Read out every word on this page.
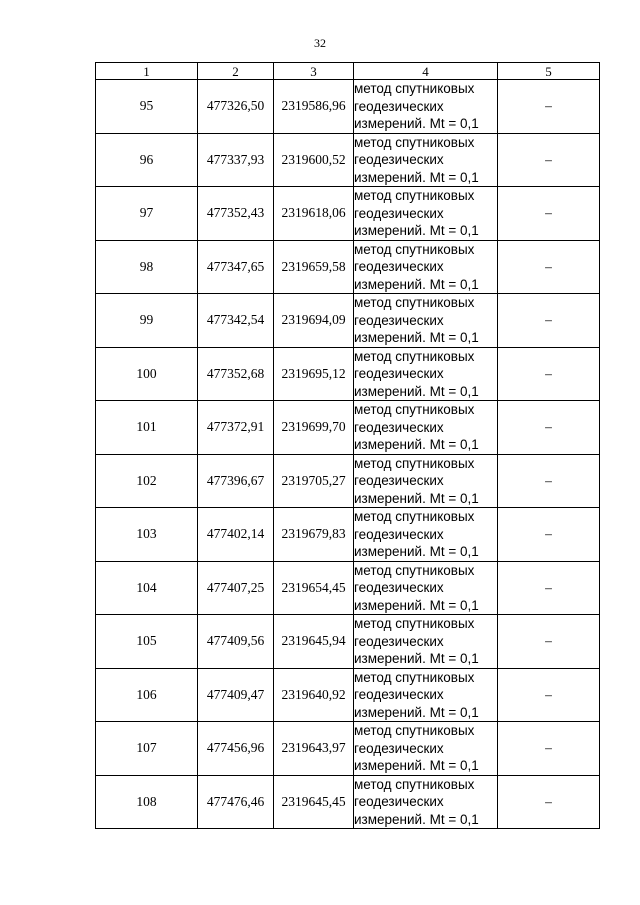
32
1	2	3	4	5
95	477326,50	2319586,96	метод спутниковых
геодезических
измерений. Mt = 0,1	–
96	477337,93	2319600,52	метод спутниковых
геодезических
измерений. Mt = 0,1	–
97	477352,43	2319618,06	метод спутниковых
геодезических
измерений. Mt = 0,1	–
98	477347,65	2319659,58	метод спутниковых
геодезических
измерений. Mt = 0,1	–
99	477342,54	2319694,09	метод спутниковых
геодезических
измерений. Mt = 0,1	–
100	477352,68	2319695,12	метод спутниковых
геодезических
измерений. Mt = 0,1	–
101	477372,91	2319699,70	метод спутниковых
геодезических
измерений. Mt = 0,1	–
102	477396,67	2319705,27	метод спутниковых
геодезических
измерений. Mt = 0,1	–
103	477402,14	2319679,83	метод спутниковых
геодезических
измерений. Mt = 0,1	–
104	477407,25	2319654,45	метод спутниковых
геодезических
измерений. Mt = 0,1	–
105	477409,56	2319645,94	метод спутниковых
геодезических
измерений. Mt = 0,1	–
106	477409,47	2319640,92	метод спутниковых
геодезических
измерений. Mt = 0,1	–
107	477456,96	2319643,97	метод спутниковых
геодезических
измерений. Mt = 0,1	–
108	477476,46	2319645,45	метод спутниковых
геодезических
измерений. Mt = 0,1	–
